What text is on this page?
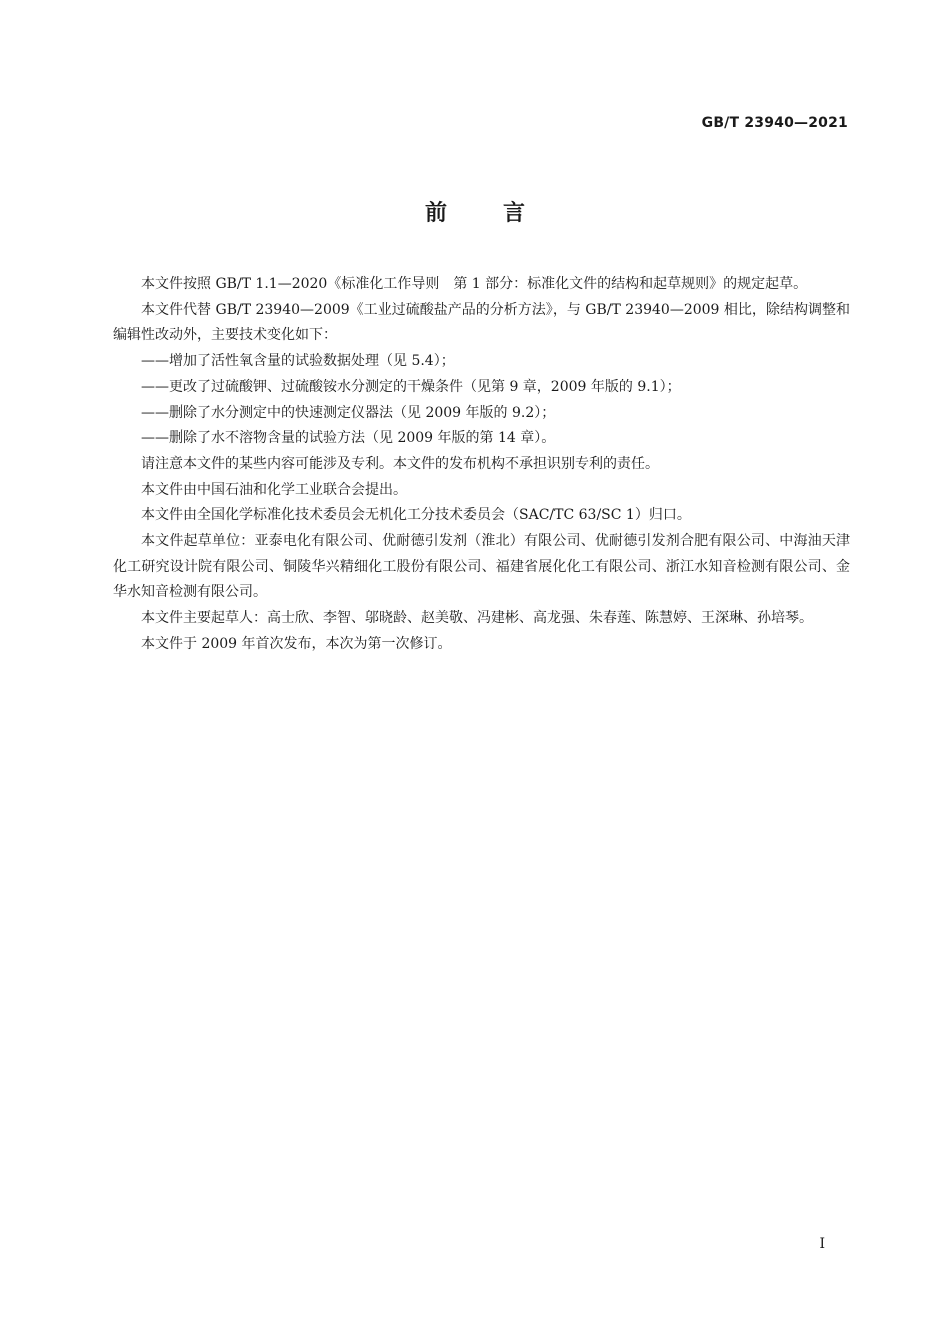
GB/T 23940—2021
前言

本文件按照 GB/T 1.1—2020《标准化工作导则　第 1 部分：标准化文件的结构和起草规则》的规定起草。

本文件代替 GB/T 23940—2009《工业过硫酸盐产品的分析方法》，与 GB/T 23940—2009 相比，除结构调整和编辑性改动外，主要技术变化如下：

——增加了活性氧含量的试验数据处理（见 5.4）；

——更改了过硫酸钾、过硫酸铵水分测定的干燥条件（见第 9 章，2009 年版的 9.1）；

——删除了水分测定中的快速测定仪器法（见 2009 年版的 9.2）；

——删除了水不溶物含量的试验方法（见 2009 年版的第 14 章）。

请注意本文件的某些内容可能涉及专利。本文件的发布机构不承担识别专利的责任。

本文件由中国石油和化学工业联合会提出。

本文件由全国化学标准化技术委员会无机化工分技术委员会（SAC/TC 63/SC 1）归口。

本文件起草单位：亚泰电化有限公司、优耐德引发剂（淮北）有限公司、优耐德引发剂合肥有限公司、中海油天津化工研究设计院有限公司、铜陵华兴精细化工股份有限公司、福建省展化化工有限公司、浙江水知音检测有限公司、金华水知音检测有限公司。

本文件主要起草人：高士欣、李智、邬晓龄、赵美敬、冯建彬、高龙强、朱春莲、陈慧婷、王深琳、孙培琴。

本文件于 2009 年首次发布，本次为第一次修订。

I
